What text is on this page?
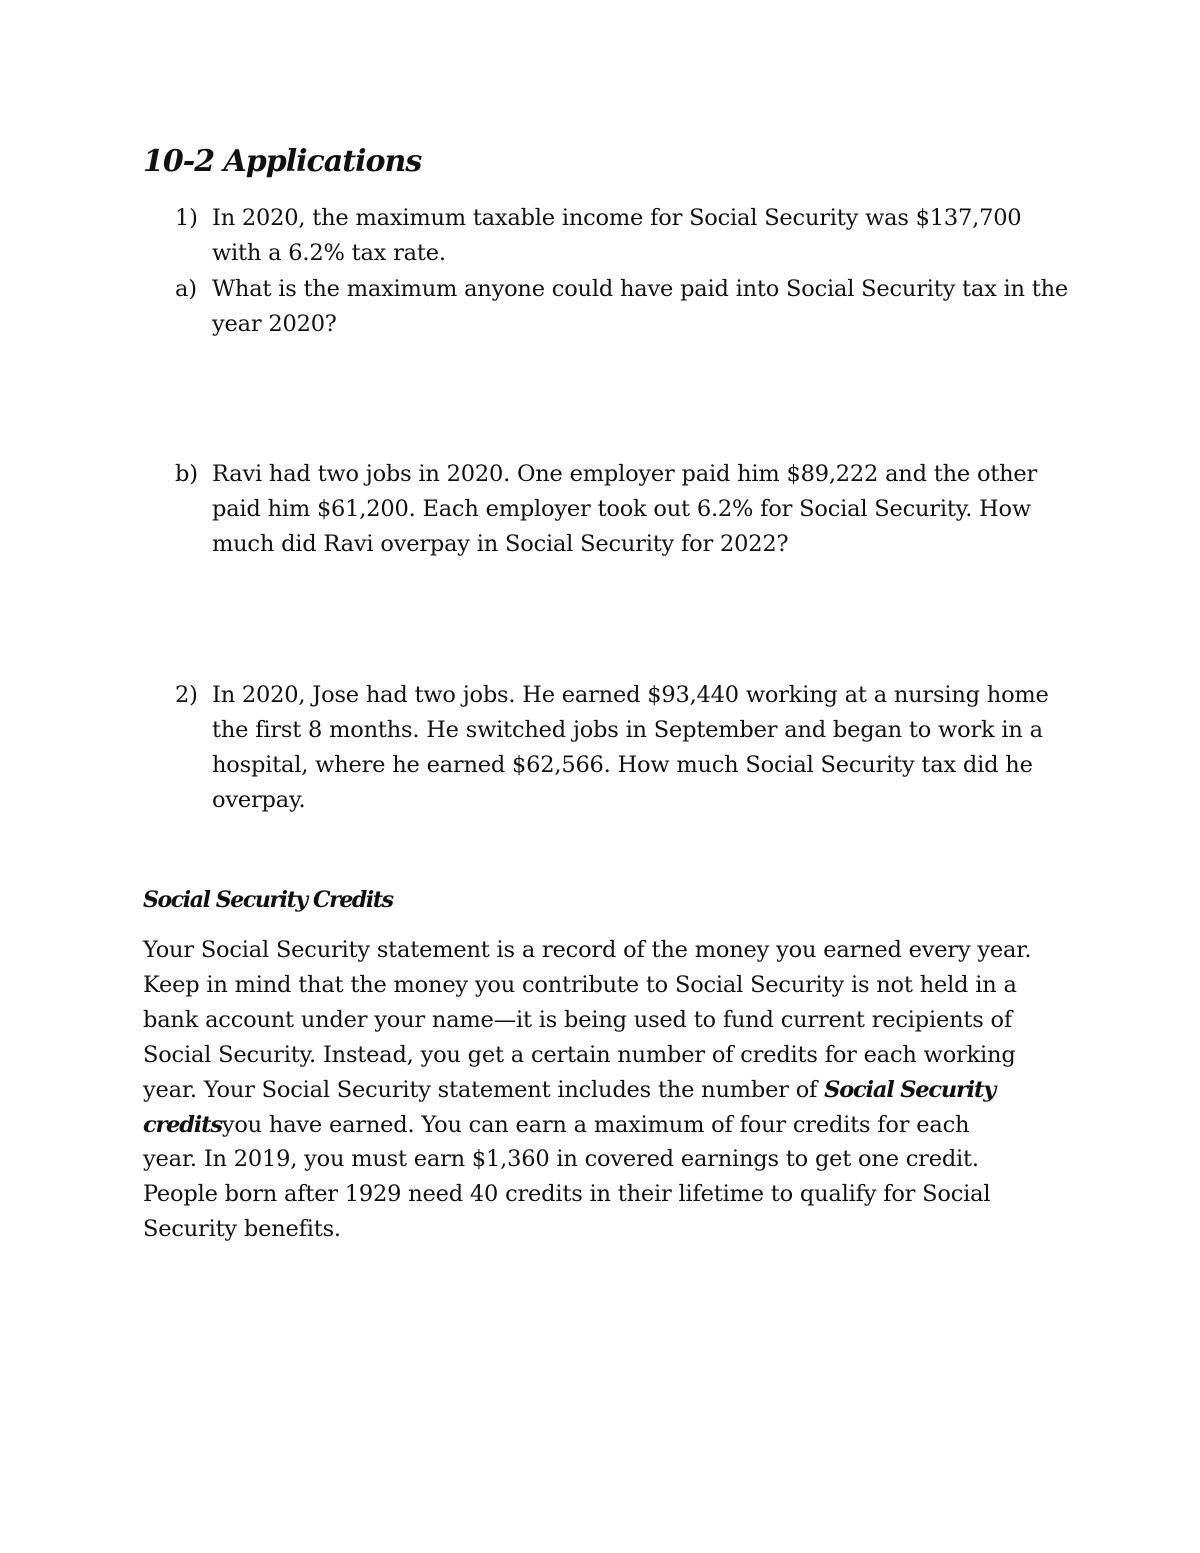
10-2 Applications
1) In 2020, the maximum taxable income for Social Security was $137,700 with a 6.2% tax rate.
a) What is the maximum anyone could have paid into Social Security tax in the year 2020?
b) Ravi had two jobs in 2020. One employer paid him $89,222 and the other paid him $61,200. Each employer took out 6.2% for Social Security. How much did Ravi overpay in Social Security for 2022?
2) In 2020, Jose had two jobs. He earned $93,440 working at a nursing home the first 8 months. He switched jobs in September and began to work in a hospital, where he earned $62,566. How much Social Security tax did he overpay.
Social Security Credits
Your Social Security statement is a record of the money you earned every year.
Keep in mind that the money you contribute to Social Security is not held in a
bank account under your name—it is being used to fund current recipients of
Social Security. Instead, you get a certain number of credits for each working
year. Your Social Security statement includes the number of Social Security
creditsyou have earned. You can earn a maximum of four credits for each
year. In 2019, you must earn $1,360 in covered earnings to get one credit.
People born after 1929 need 40 credits in their lifetime to qualify for Social
Security benefits.
